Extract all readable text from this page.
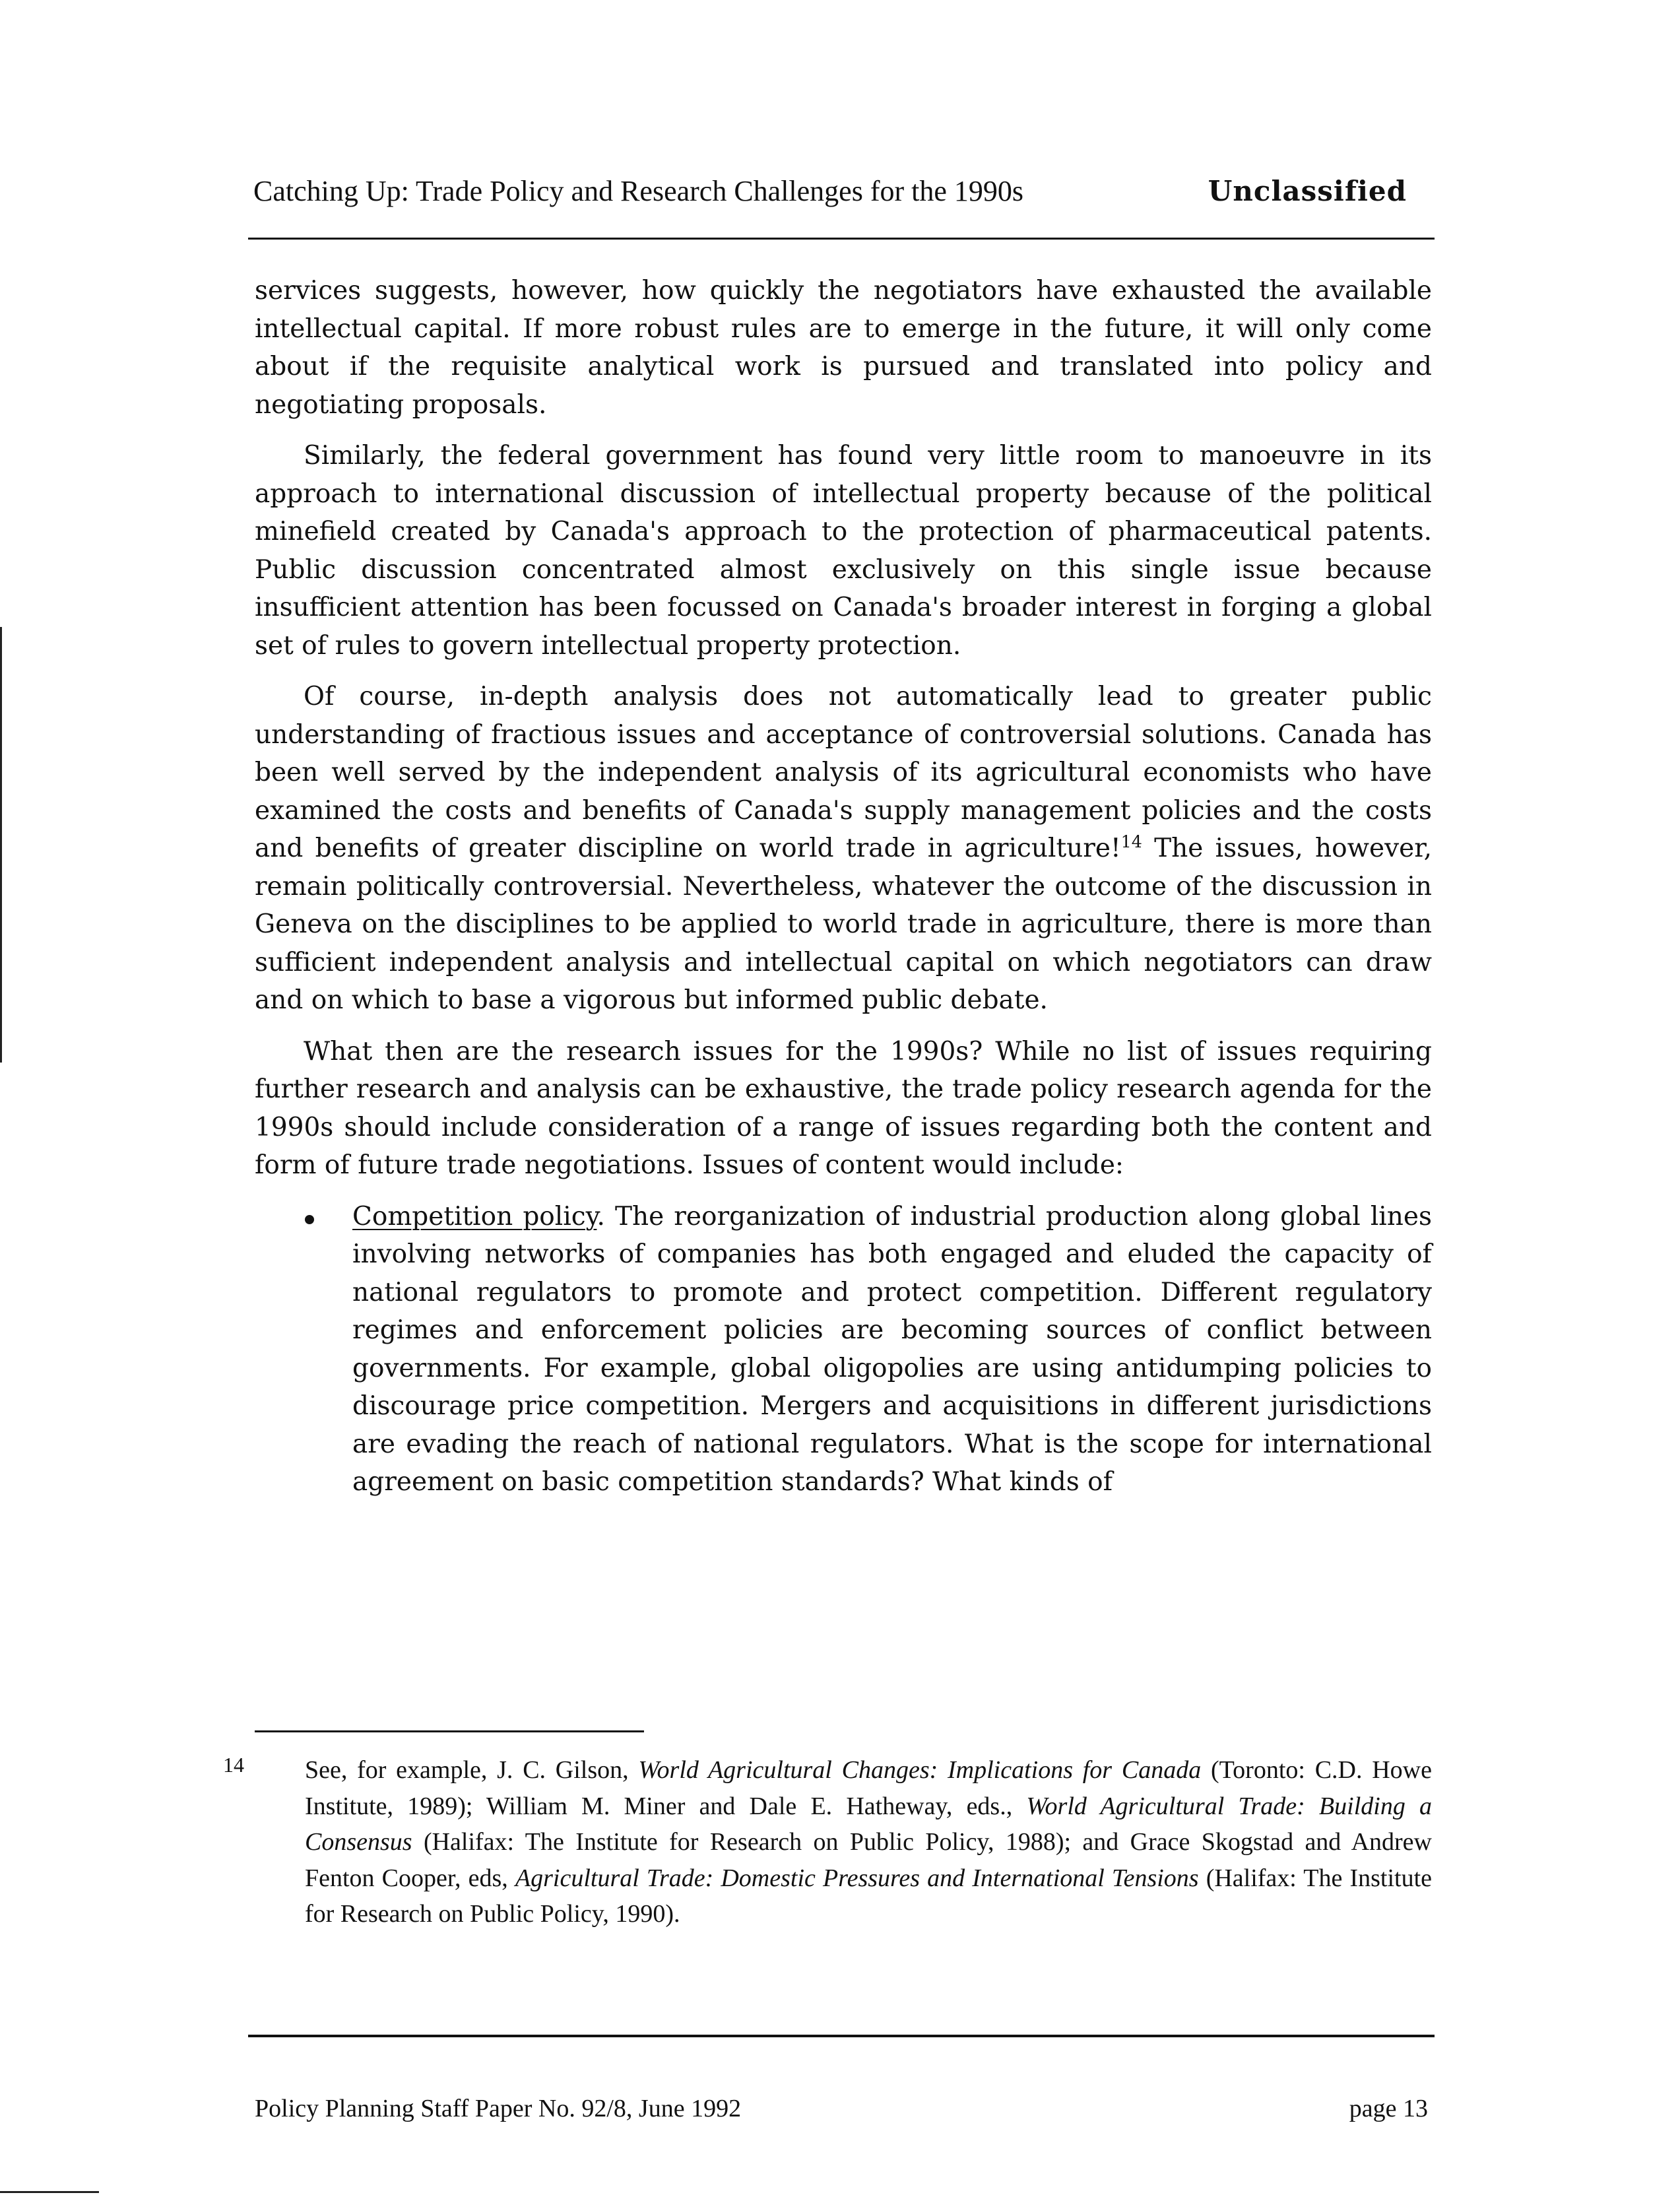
Catching Up: Trade Policy and Research Challenges for the 1990s	Unclassified

services suggests, however, how quickly the negotiators have exhausted the available intellectual capital. If more robust rules are to emerge in the future, it will only come about if the requisite analytical work is pursued and translated into policy and negotiating proposals.

Similarly, the federal government has found very little room to manoeuvre in its approach to international discussion of intellectual property because of the political minefield created by Canada's approach to the protection of pharmaceutical patents. Public discussion concentrated almost exclusively on this single issue because insufficient attention has been focussed on Canada's broader interest in forging a global set of rules to govern intellectual property protection.

Of course, in-depth analysis does not automatically lead to greater public understanding of fractious issues and acceptance of controversial solutions. Canada has been well served by the independent analysis of its agricultural economists who have examined the costs and benefits of Canada's supply management policies and the costs and benefits of greater discipline on world trade in agriculture!$^{14}$ The issues, however, remain politically controversial. Nevertheless, whatever the outcome of the discussion in Geneva on the disciplines to be applied to world trade in agriculture, there is more than sufficient independent analysis and intellectual capital on which negotiators can draw and on which to base a vigorous but informed public debate.

What then are the research issues for the 1990s? While no list of issues requiring further research and analysis can be exhaustive, the trade policy research agenda for the 1990s should include consideration of a range of issues regarding both the content and form of future trade negotiations. Issues of content would include:

Competition policy. The reorganization of industrial production along global lines involving networks of companies has both engaged and eluded the capacity of national regulators to promote and protect competition. Different regulatory regimes and enforcement policies are becoming sources of conflict between governments. For example, global oligopolies are using antidumping policies to discourage price competition. Mergers and acquisitions in different jurisdictions are evading the reach of national regulators. What is the scope for international agreement on basic competition standards? What kinds of
14 See, for example, J. C. Gilson, World Agricultural Changes: Implications for Canada (Toronto: C.D. Howe Institute, 1989); William M. Miner and Dale E. Hatheway, eds., World Agricultural Trade: Building a Consensus (Halifax: The Institute for Research on Public Policy, 1988); and Grace Skogstad and Andrew Fenton Cooper, eds, Agricultural Trade: Domestic Pressures and International Tensions (Halifax: The Institute for Research on Public Policy, 1990).
Policy Planning Staff Paper No. 92/8, June 1992	page 13
